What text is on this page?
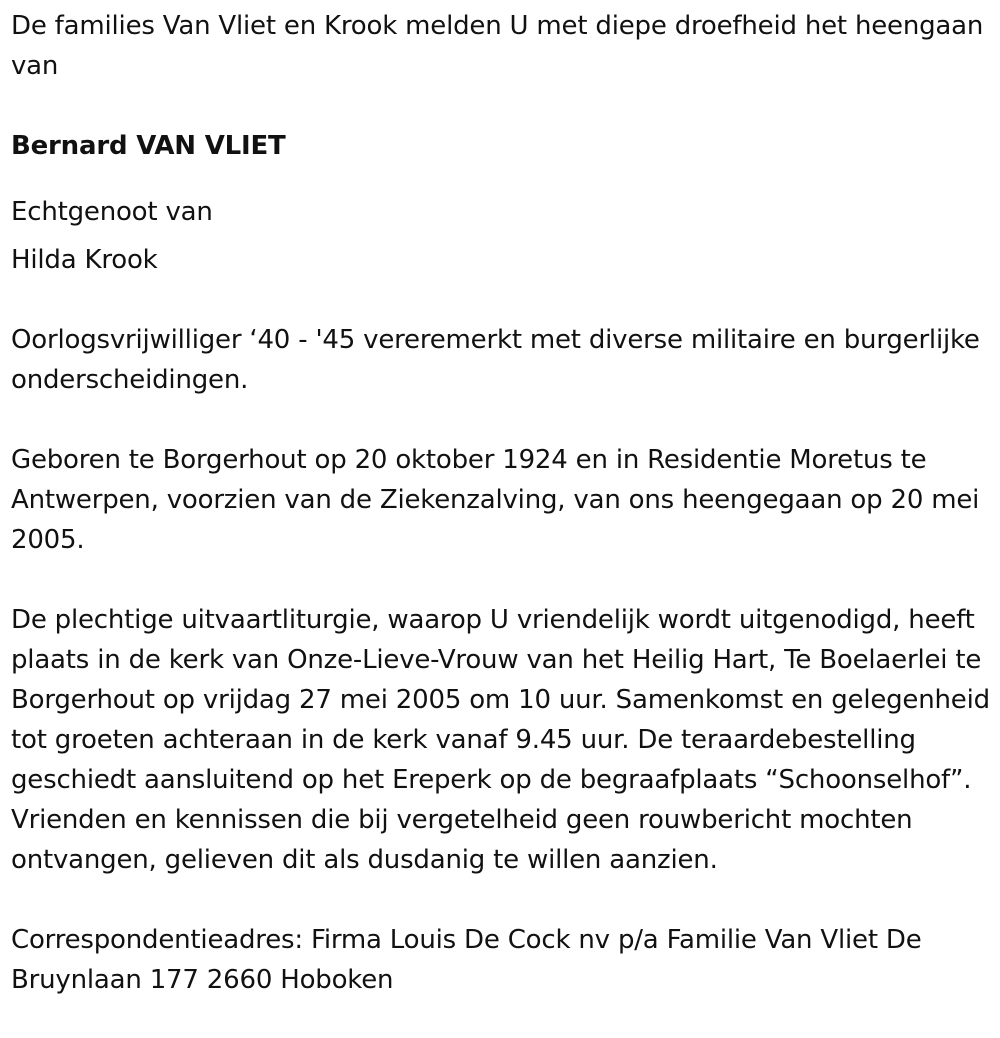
De families Van Vliet en Krook melden U met diepe droefheid het heengaan van

Bernard VAN VLIET

Echtgenoot van

Hilda Krook

Oorlogsvrijwilliger ‘40 - '45 vereremerkt met diverse militaire en burgerlijke onderscheidingen.

Geboren te Borgerhout op 20 oktober 1924 en in Residentie Moretus te Antwerpen, voorzien van de Ziekenzalving, van ons heengegaan op 20 mei 2005.

De plechtige uitvaartliturgie, waarop U vriendelijk wordt uitgenodigd, heeft plaats in de kerk van Onze-Lieve-Vrouw van het Heilig Hart, Te Boelaerlei te Borgerhout op vrijdag 27 mei 2005 om 10 uur. Samenkomst en gelegenheid tot groeten achteraan in de kerk vanaf 9.45 uur. De teraardebestelling geschiedt aansluitend op het Ereperk op de begraafplaats “Schoonselhof”. Vrienden en kennissen die bij vergetelheid geen rouwbericht mochten ontvangen, gelieven dit als dusdanig te willen aanzien.

Correspondentieadres: Firma Louis De Cock nv p/a Familie Van Vliet De Bruynlaan 177 2660 Hoboken
